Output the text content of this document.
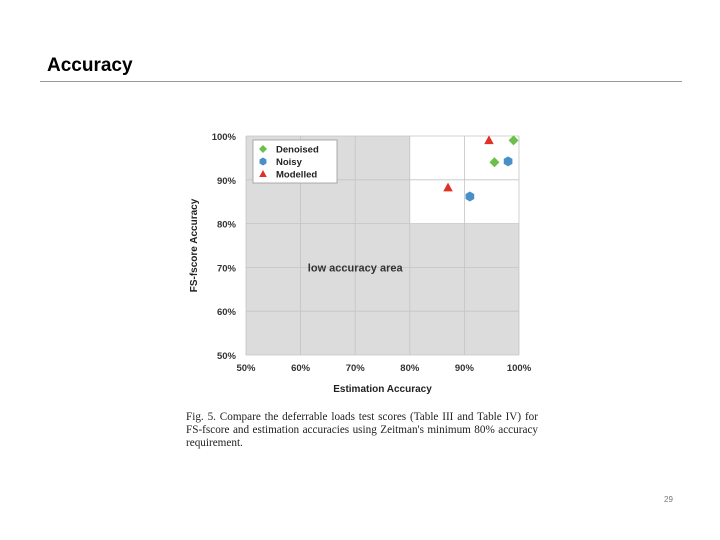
Accuracy
50%	60%	70%	80%	90%	100%
50%
60%
70%
80%
90%
100%
low accuracy area
Denoised
Noisy
Modelled
Estimation Accuracy
FS-fscore Accuracy
Fig. 5. Compare the deferrable loads test scores (Table III and Table IV) for FS-fscore and estimation accuracies using Zeitman's minimum 80% accuracy requirement.
29
